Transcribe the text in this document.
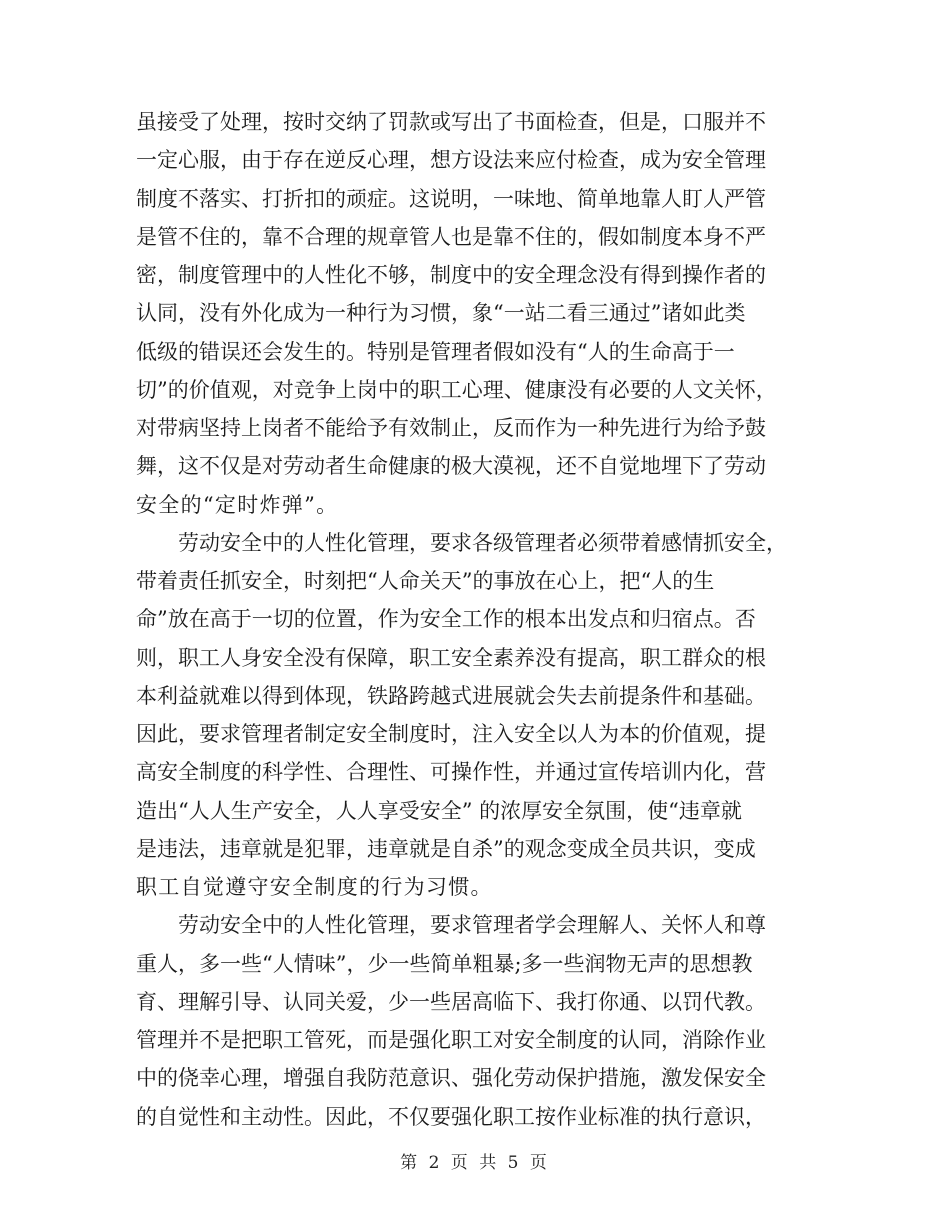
虽接受了处理，按时交纳了罚款或写出了书面检查，但是，口服并不
一定心服，由于存在逆反心理，想方设法来应付检查，成为安全管理
制度不落实、打折扣的顽症。这说明，一味地、简单地靠人盯人严管
是管不住的，靠不合理的规章管人也是靠不住的，假如制度本身不严
密，制度管理中的人性化不够，制度中的安全理念没有得到操作者的
认同，没有外化成为一种行为习惯，象“一站二看三通过”诸如此类
低级的错误还会发生的。特别是管理者假如没有“人的生命高于一
切”的价值观，对竞争上岗中的职工心理、健康没有必要的人文关怀，
对带病坚持上岗者不能给予有效制止，反而作为一种先进行为给予鼓
舞，这不仅是对劳动者生命健康的极大漠视，还不自觉地埋下了劳动
安全的“定时炸弹”。
　　劳动安全中的人性化管理，要求各级管理者必须带着感情抓安全，
带着责任抓安全，时刻把“人命关天”的事放在心上，把“人的生
命”放在高于一切的位置，作为安全工作的根本出发点和归宿点。否
则，职工人身安全没有保障，职工安全素养没有提高，职工群众的根
本利益就难以得到体现，铁路跨越式进展就会失去前提条件和基础。
因此，要求管理者制定安全制度时，注入安全以人为本的价值观，提
高安全制度的科学性、合理性、可操作性，并通过宣传培训内化，营
造出“人人生产安全，人人享受安全” 的浓厚安全氛围，使“违章就
是违法，违章就是犯罪，违章就是自杀”的观念变成全员共识，变成
职工自觉遵守安全制度的行为习惯。
　　劳动安全中的人性化管理，要求管理者学会理解人、关怀人和尊
重人，多一些“人情味”，少一些简单粗暴;多一些润物无声的思想教
育、理解引导、认同关爱，少一些居高临下、我打你通、以罚代教。
管理并不是把职工管死，而是强化职工对安全制度的认同，消除作业
中的侥幸心理，增强自我防范意识、强化劳动保护措施，激发保安全
的自觉性和主动性。因此，不仅要强化职工按作业标准的执行意识，
第 2 页 共 5 页
